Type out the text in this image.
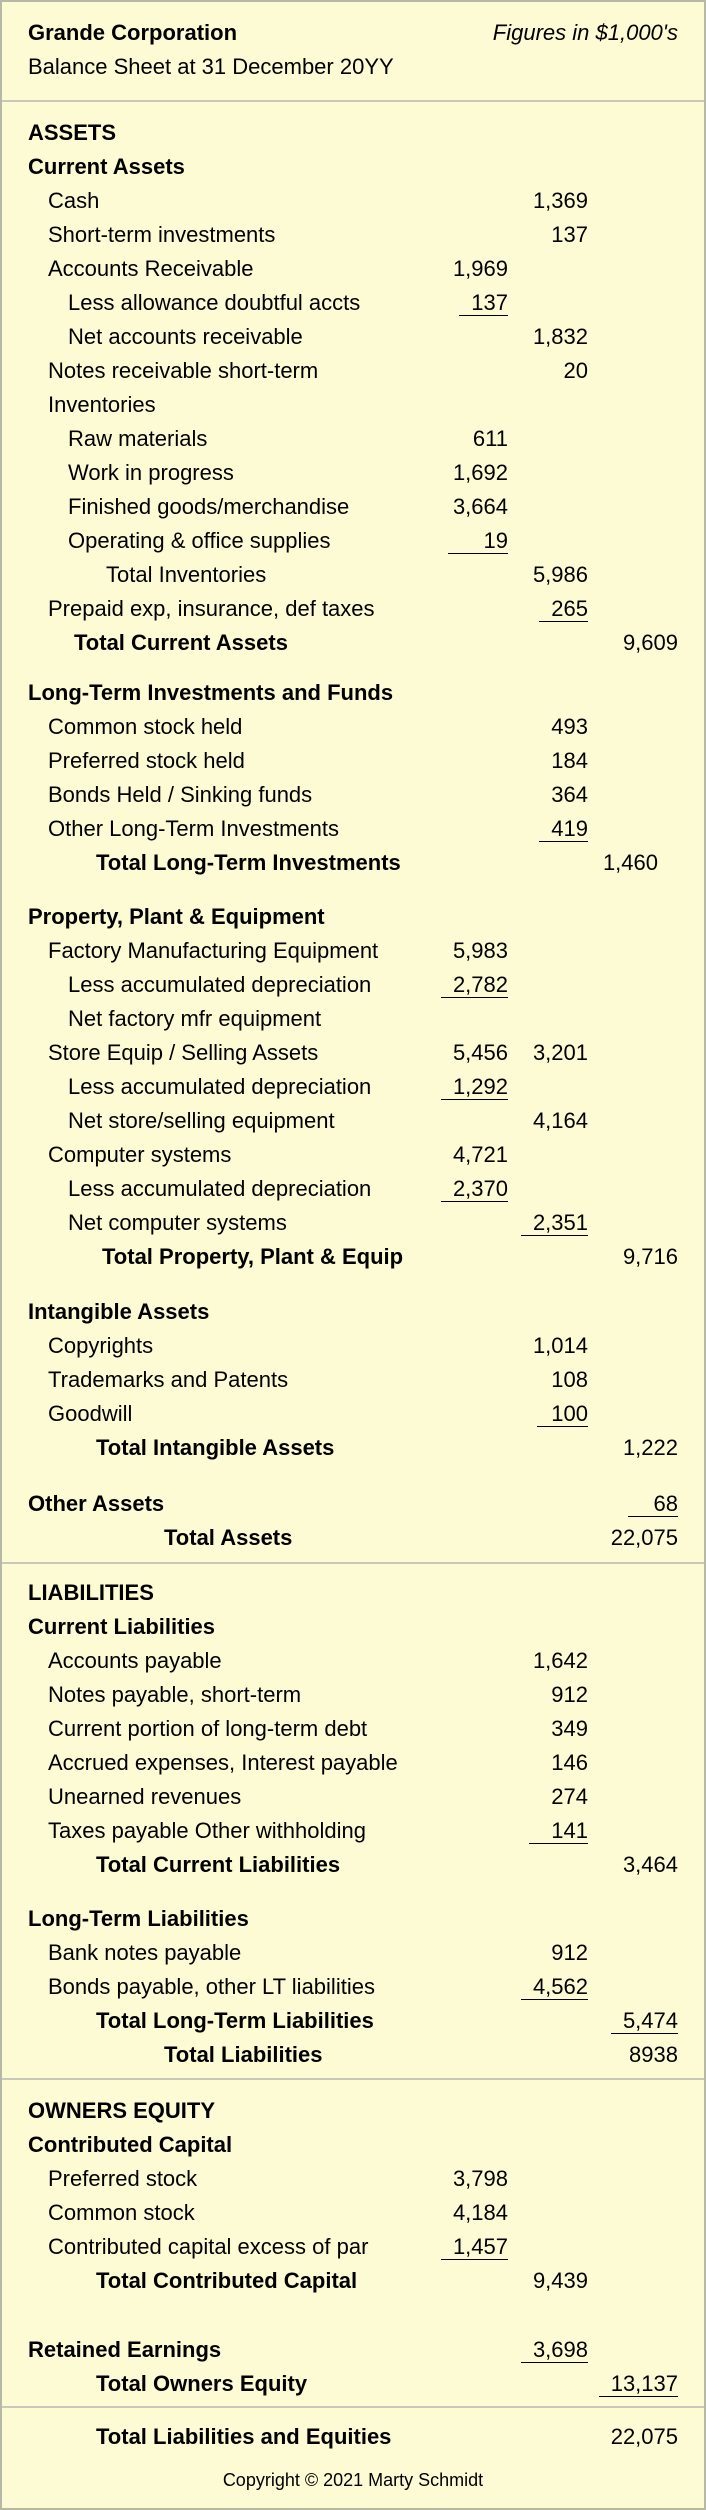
Grande Corporation
Balance Sheet at 31 December 20YY
Figures in $1,000's
ASSETS
Current Assets
Cash	1,369
Short-term investments	137
Accounts Receivable	1,969
Less allowance doubtful accts	137
Net accounts receivable	1,832
Notes receivable short-term	20
Inventories
Raw materials	611
Work in progress	1,692
Finished goods/merchandise	3,664
Operating & office supplies	19
Total Inventories	5,986
Prepaid exp, insurance, def taxes	265
Total Current Assets	9,609
Long-Term Investments and Funds
Common stock held	493
Preferred stock held	184
Bonds Held / Sinking funds	364
Other Long-Term Investments	419
Total Long-Term Investments	1,460
Property, Plant & Equipment
Factory Manufacturing Equipment	5,983
Less accumulated depreciation	2,782
Net factory mfr equipment
Store Equip / Selling Assets	5,456 3,201
Less accumulated depreciation	1,292
Net store/selling equipment	4,164
Computer systems	4,721
Less accumulated depreciation	2,370
Net computer systems	2,351
Total Property, Plant & Equip	9,716
Intangible Assets
Copyrights	1,014
Trademarks and Patents	108
Goodwill	100
Total Intangible Assets	1,222
Other Assets	68
Total Assets	22,075
LIABILITIES
Current Liabilities
Accounts payable	1,642
Notes payable, short-term	912
Current portion of long-term debt	349
Accrued expenses, Interest payable	146
Unearned revenues	274
Taxes payable Other withholding	141
Total Current Liabilities	3,464
Long-Term Liabilities
Bank notes payable	912
Bonds payable, other LT liabilities	4,562
Total Long-Term Liabilities	5,474
Total Liabilities	8938
OWNERS EQUITY
Contributed Capital
Preferred stock	3,798
Common stock	4,184
Contributed capital excess of par	1,457
Total Contributed Capital	9,439
Retained Earnings	3,698
Total Owners Equity	13,137
Total Liabilities and Equities	22,075
Copyright © 2021 Marty Schmidt
